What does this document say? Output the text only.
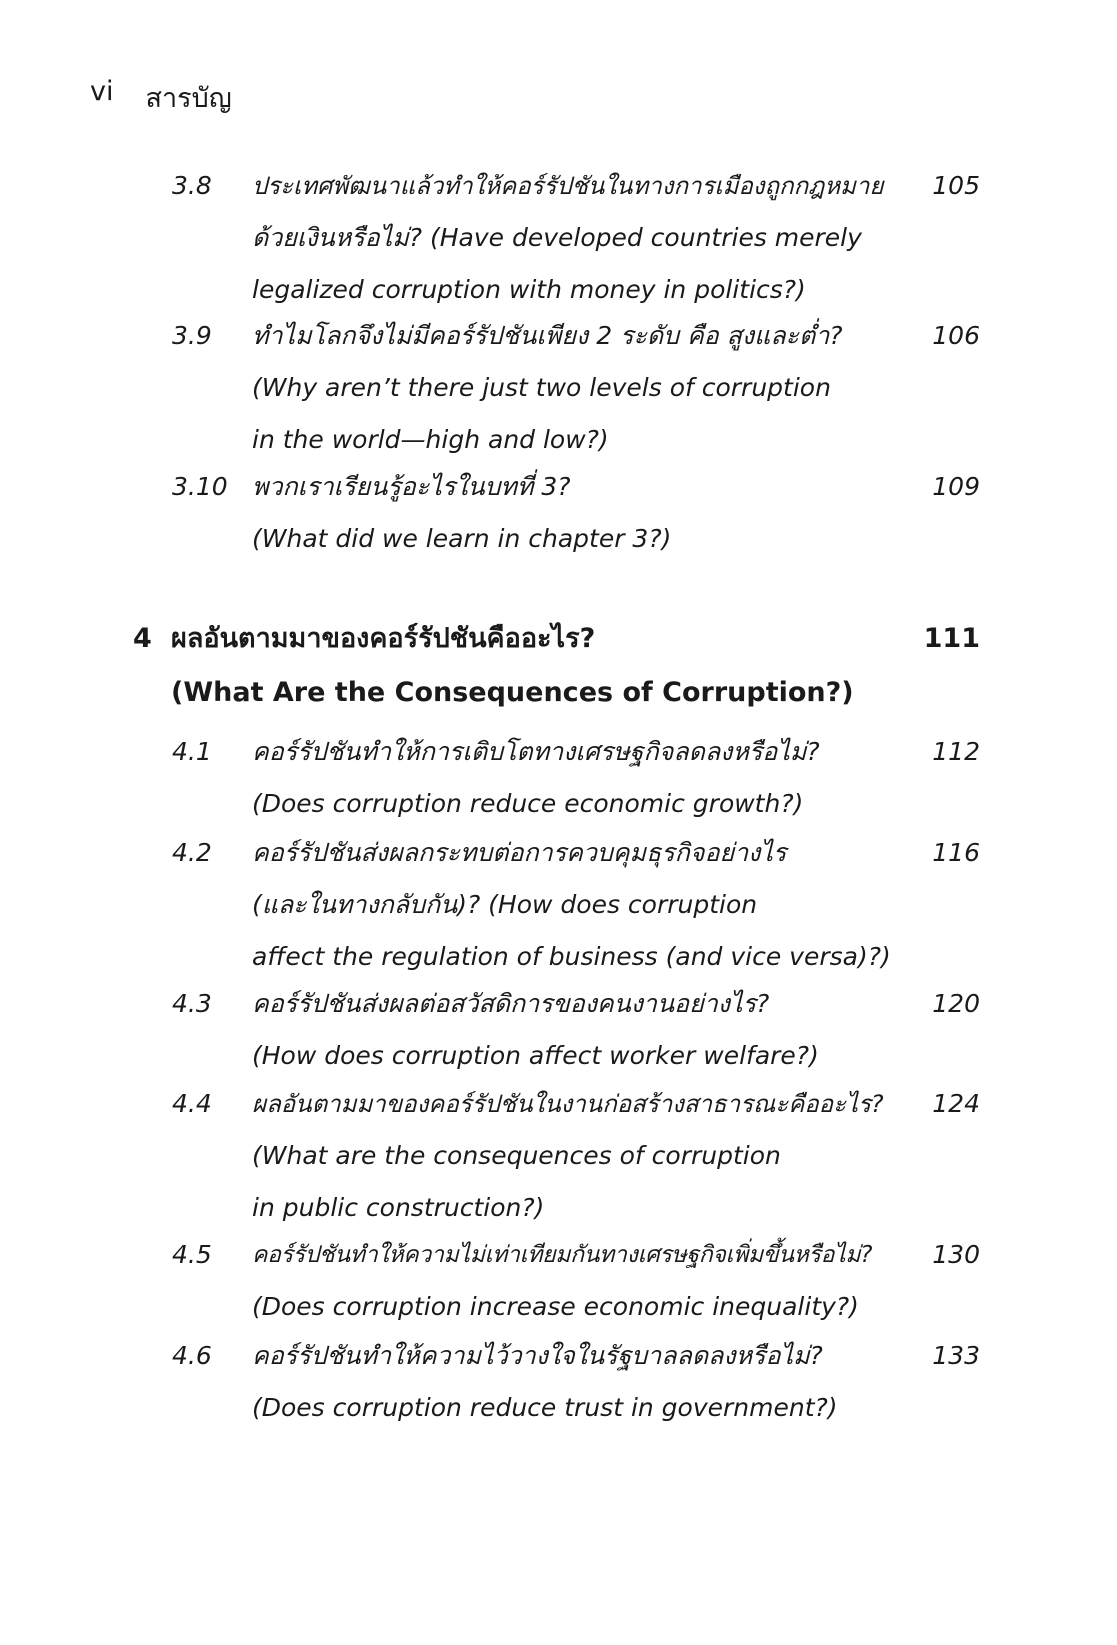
vi สารบัญ
3.8 ประเทศพัฒนาแล้วทำให้คอร์รัปชันในทางการเมืองถูกกฎหมาย
ด้วยเงินหรือไม่? (Have developed countries merely
legalized corruption with money in politics?)
105
3.9 ทำไมโลกจึงไม่มีคอร์รัปชันเพียง 2 ระดับ คือ สูงและต่ำ?
(Why aren’t there just two levels of corruption
in the world—high and low?)
106
3.10 พวกเราเรียนรู้อะไรในบทที่ 3?
(What did we learn in chapter 3?)
109
4 ผลอันตามมาของคอร์รัปชันคืออะไร?
(What Are the Consequences of Corruption?)
111
4.1 คอร์รัปชันทำให้การเติบโตทางเศรษฐกิจลดลงหรือไม่?
(Does corruption reduce economic growth?)
112
4.2 คอร์รัปชันส่งผลกระทบต่อการควบคุมธุรกิจอย่างไร
(และในทางกลับกัน)? (How does corruption
affect the regulation of business (and vice versa)?)
116
4.3 คอร์รัปชันส่งผลต่อสวัสดิการของคนงานอย่างไร?
(How does corruption affect worker welfare?)
120
4.4 ผลอันตามมาของคอร์รัปชันในงานก่อสร้างสาธารณะคืออะไร?
(What are the consequences of corruption
in public construction?)
124
4.5 คอร์รัปชันทำให้ความไม่เท่าเทียมกันทางเศรษฐกิจเพิ่มขึ้นหรือไม่?
(Does corruption increase economic inequality?)
130
4.6 คอร์รัปชันทำให้ความไว้วางใจในรัฐบาลลดลงหรือไม่?
(Does corruption reduce trust in government?)
133
